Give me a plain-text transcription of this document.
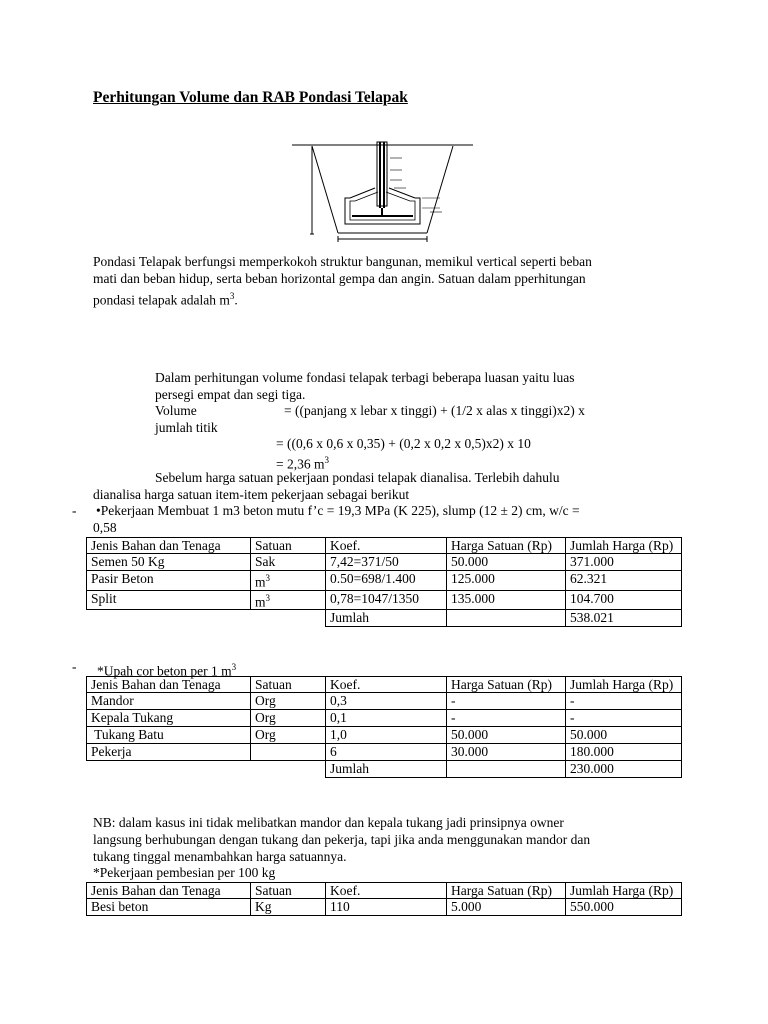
Perhitungan Volume dan RAB Pondasi Telapak
Pondasi Telapak berfungsi memperkokoh struktur bangunan, memikul vertical seperti beban
mati dan beban hidup, serta beban horizontal gempa dan angin. Satuan dalam pperhitungan
pondasi telapak adalah $m^3$.
Dalam perhitungan volume fondasi telapak terbagi beberapa luasan yaitu luas
persegi empat dan segi tiga.
Volume	= ((panjang x lebar x tinggi) + (1/2 x alas x tinggi)x2) x
jumlah titik
= ((0,6 x 0,6 x 0,35) + (0,2 x 0,2 x 0,5)x2) x 10
= 2,36 $m^3$
Sebelum harga satuan pekerjaan pondasi telapak dianalisa. Terlebih dahulu
dianalisa harga satuan item-item pekerjaan sebagai berikut
- •Pekerjaan Membuat 1 m3 beton mutu f’c = 19,3 MPa (K 225), slump (12 ± 2) cm, w/c =
0,58
Jenis Bahan dan Tenaga	Satuan	Koef.	Harga Satuan (Rp)	Jumlah Harga (Rp)
Semen 50 Kg	Sak	7,42=371/50	50.000	371.000
Pasir Beton	$m^3$	0.50=698/1.400	125.000	62.321
Split	$m^3$	0,78=1047/1350	135.000	104.700
		Jumlah		538.021
- *Upah cor beton per 1 $m^3$
Jenis Bahan dan Tenaga	Satuan	Koef.	Harga Satuan (Rp)	Jumlah Harga (Rp)
Mandor	Org	0,3	-	-
Kepala Tukang	Org	0,1	-	-
Tukang Batu	Org	1,0	50.000	50.000
Pekerja		6	30.000	180.000
		Jumlah		230.000
NB: dalam kasus ini tidak melibatkan mandor dan kepala tukang jadi prinsipnya owner
langsung berhubungan dengan tukang dan pekerja, tapi jika anda menggunakan mandor dan
tukang tinggal menambahkan harga satuannya.
*Pekerjaan pembesian per 100 kg
Jenis Bahan dan Tenaga	Satuan	Koef.	Harga Satuan (Rp)	Jumlah Harga (Rp)
Besi beton	Kg	110	5.000	550.000
